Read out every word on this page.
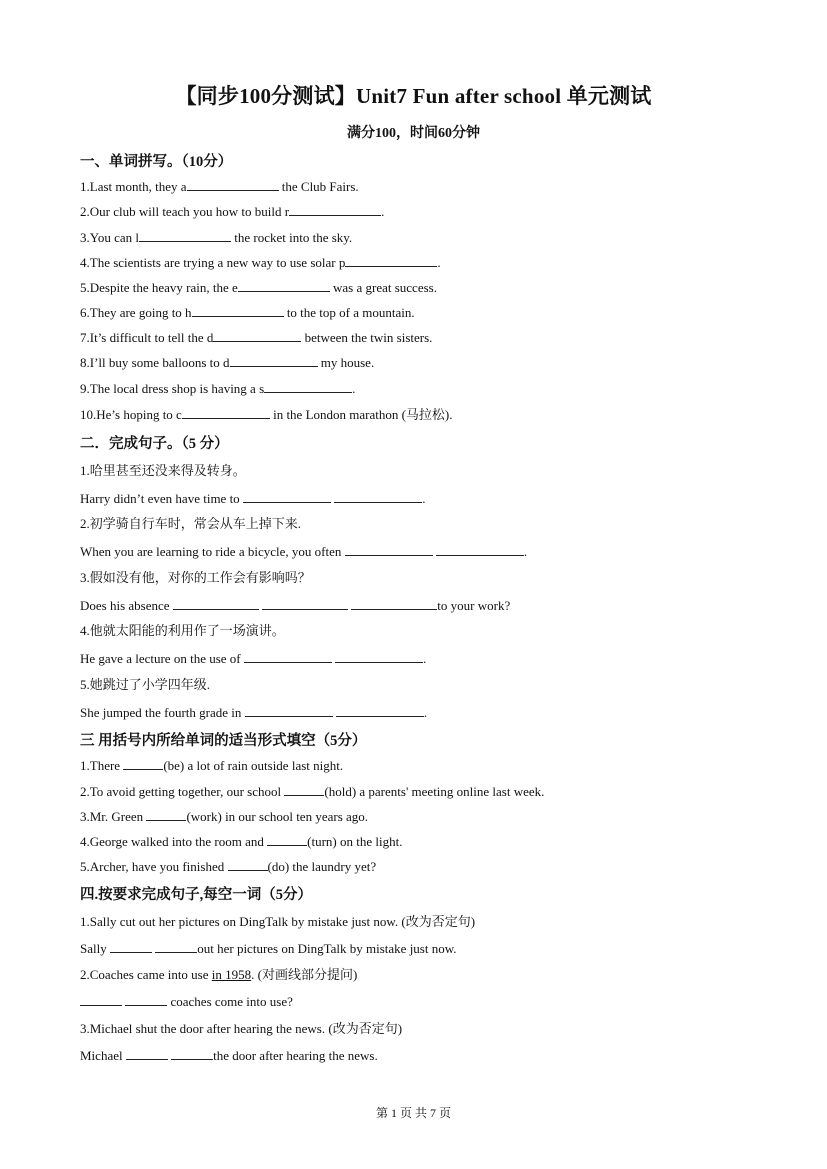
【同步100分测试】Unit7 Fun after school 单元测试
满分100，时间60分钟
一、单词拼写。（10分）
1.Last month, they a	the Club Fairs.
2.Our club will teach you how to build r	.
3.You can l	the rocket into the sky.
4.The scientists are trying a new way to use solar p	.
5.Despite the heavy rain, the e	was a great success.
6.They are going to h	to the top of a mountain.
7.It’s difficult to tell the d	between the twin sisters.
8.I’ll buy some balloons to d	my house.
9.The local dress shop is having a s	.
10.He’s hoping to c	in the London marathon (马拉松).
二．完成句子。（5 分）
1.哈里甚至还没来得及转身。
Harry didn’t even have time to	.
2.初学骑自行车时，常会从车上掉下来.
When you are learning to ride a bicycle, you often	.
3.假如没有他，对你的工作会有影响吗？
Does his absence	to your work?
4.他就太阳能的利用作了一场演讲。
He gave a lecture on the use of	.
5.她跳过了小学四年级.
She jumped the fourth grade in	.
三 用括号内所给单词的适当形式填空（5分）
1.There	(be) a lot of rain outside last night.
2.To avoid getting together, our school	(hold) a parents' meeting online last week.
3.Mr. Green	(work) in our school ten years ago.
4.George walked into the room and	(turn) on the light.
5.Archer, have you finished	(do) the laundry yet?
四.按要求完成句子,每空一词（5分）
1.Sally cut out her pictures on DingTalk by mistake just now. (改为否定句)
Sally	out her pictures on DingTalk by mistake just now.
2.Coaches came into use in 1958. (对画线部分提问)
coaches come into use?
3.Michael shut the door after hearing the news. (改为否定句)
Michael	the door after hearing the news.
第 1 页 共 7 页
